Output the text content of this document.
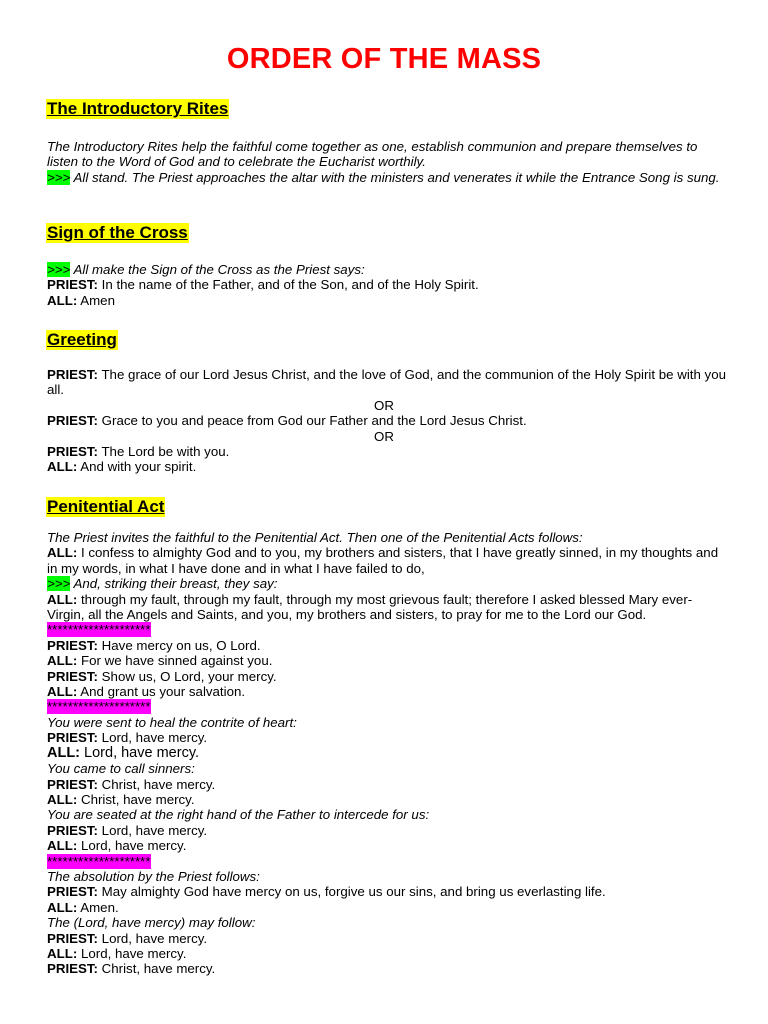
ORDER OF THE MASS
The Introductory Rites
The Introductory Rites help the faithful come together as one, establish communion and prepare themselves to listen to the Word of God and to celebrate the Eucharist worthily.
>>> All stand. The Priest approaches the altar with the ministers and venerates it while the Entrance Song is sung.
Sign of the Cross
>>> All make the Sign of the Cross as the Priest says:
PRIEST: In the name of the Father, and of the Son, and of the Holy Spirit.
ALL: Amen
Greeting
PRIEST: The grace of our Lord Jesus Christ, and the love of God, and the communion of the Holy Spirit be with you all.
OR
PRIEST: Grace to you and peace from God our Father and the Lord Jesus Christ.
OR
PRIEST: The Lord be with you.
ALL: And with your spirit.
Penitential Act
The Priest invites the faithful to the Penitential Act. Then one of the Penitential Acts follows:
ALL: I confess to almighty God and to you, my brothers and sisters, that I have greatly sinned, in my thoughts and in my words, in what I have done and in what I have failed to do,
>>> And, striking their breast, they say:
ALL: through my fault, through my fault, through my most grievous fault; therefore I asked blessed Mary ever-Virgin, all the Angels and Saints, and you, my brothers and sisters, to pray for me to the Lord our God.
********************
PRIEST: Have mercy on us, O Lord.
ALL: For we have sinned against you.
PRIEST: Show us, O Lord, your mercy.
ALL: And grant us your salvation.
********************
You were sent to heal the contrite of heart:
PRIEST: Lord, have mercy.
ALL: Lord, have mercy.
You came to call sinners:
PRIEST: Christ, have mercy.
ALL: Christ, have mercy.
You are seated at the right hand of the Father to intercede for us:
PRIEST: Lord, have mercy.
ALL: Lord, have mercy.
********************
The absolution by the Priest follows:
PRIEST: May almighty God have mercy on us, forgive us our sins, and bring us everlasting life.
ALL: Amen.
The (Lord, have mercy) may follow:
PRIEST: Lord, have mercy.
ALL: Lord, have mercy.
PRIEST: Christ, have mercy.
